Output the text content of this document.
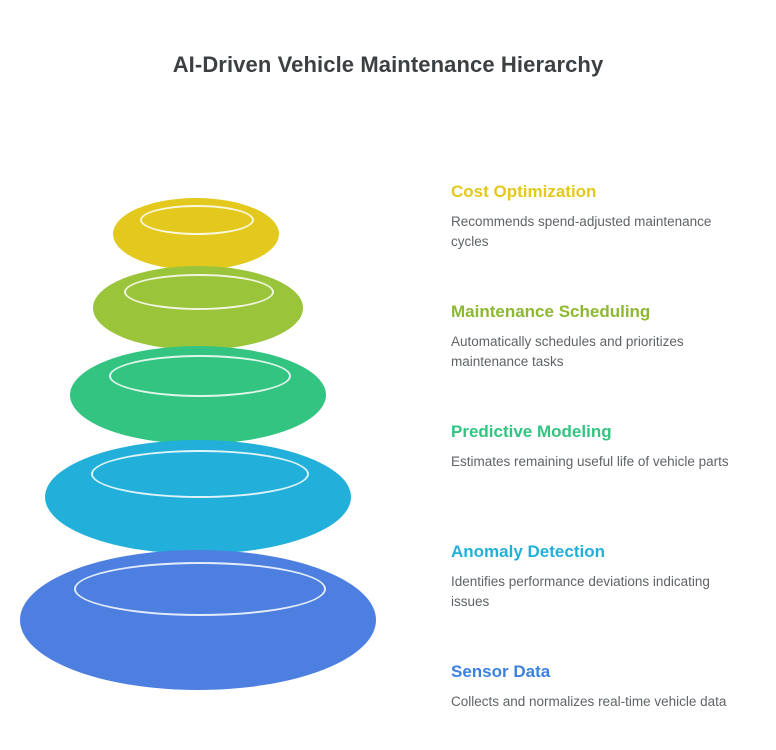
AI-Driven Vehicle Maintenance Hierarchy
Cost Optimization
Recommends spend-adjusted maintenance cycles
Maintenance Scheduling
Automatically schedules and prioritizes maintenance tasks
Predictive Modeling
Estimates remaining useful life of vehicle parts
Anomaly Detection
Identifies performance deviations indicating issues
Sensor Data
Collects and normalizes real-time vehicle data
